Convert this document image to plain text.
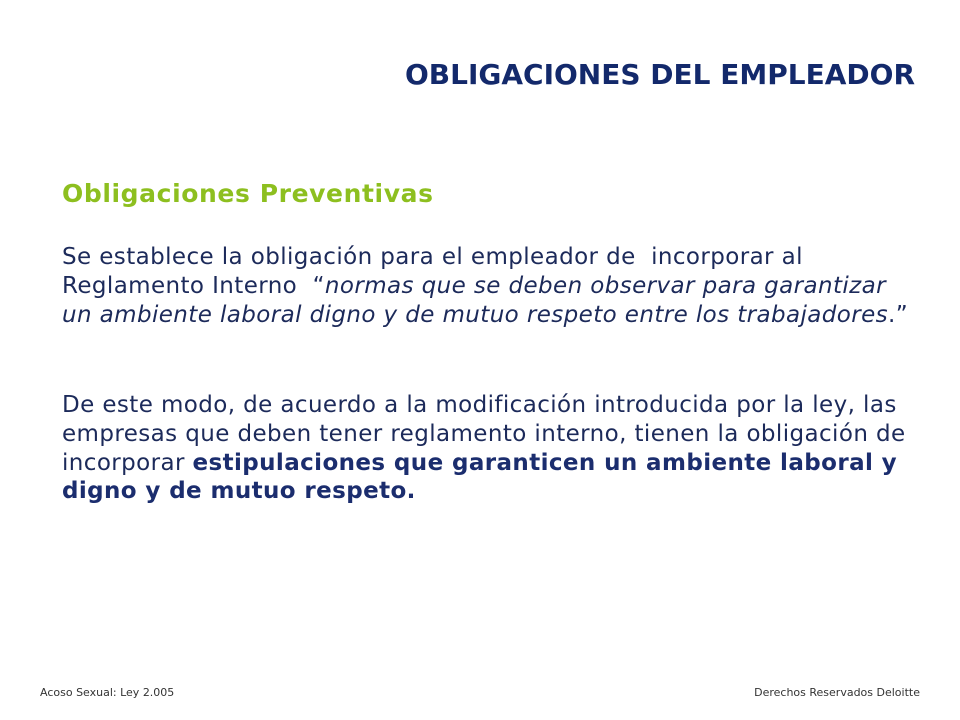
OBLIGACIONES DEL EMPLEADOR
Obligaciones Preventivas
Se establece la obligación para el empleador de  incorporar al
Reglamento Interno  “normas que se deben observar para garantizar
un ambiente laboral digno y de mutuo respeto entre los trabajadores.”
De este modo, de acuerdo a la modificación introducida por la ley, las
empresas que deben tener reglamento interno, tienen la obligación de
incorporar estipulaciones que garanticen un ambiente laboral y
digno y de mutuo respeto.
Acoso Sexual: Ley 2.005	Derechos Reservados Deloitte
